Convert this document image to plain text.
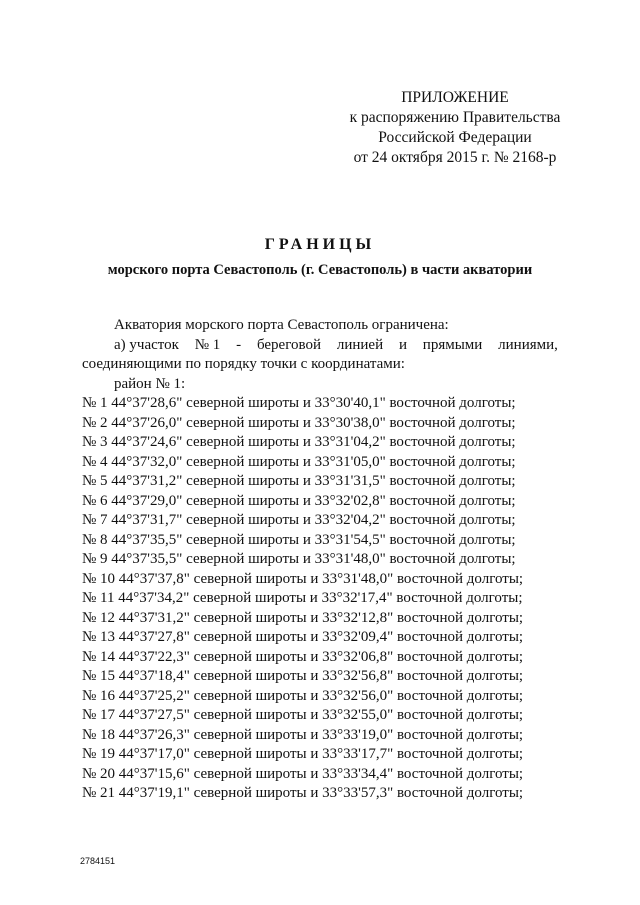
ПРИЛОЖЕНИЕ
к распоряжению Правительства
Российской Федерации
от 24 октября 2015 г. № 2168-р
ГРАНИЦЫ
морского порта Севастополь (г. Севастополь) в части акватории
Акватория морского порта Севастополь ограничена:
а) участок № 1 - береговой линией и прямыми линиями,
соединяющими по порядку точки с координатами:
район № 1:
№ 1 44°37'28,6" северной широты и 33°30'40,1" восточной долготы;
№ 2 44°37'26,0" северной широты и 33°30'38,0" восточной долготы;
№ 3 44°37'24,6" северной широты и 33°31'04,2" восточной долготы;
№ 4 44°37'32,0" северной широты и 33°31'05,0" восточной долготы;
№ 5 44°37'31,2" северной широты и 33°31'31,5" восточной долготы;
№ 6 44°37'29,0" северной широты и 33°32'02,8" восточной долготы;
№ 7 44°37'31,7" северной широты и 33°32'04,2" восточной долготы;
№ 8 44°37'35,5" северной широты и 33°31'54,5" восточной долготы;
№ 9 44°37'35,5" северной широты и 33°31'48,0" восточной долготы;
№ 10 44°37'37,8" северной широты и 33°31'48,0" восточной долготы;
№ 11 44°37'34,2" северной широты и 33°32'17,4" восточной долготы;
№ 12 44°37'31,2" северной широты и 33°32'12,8" восточной долготы;
№ 13 44°37'27,8" северной широты и 33°32'09,4" восточной долготы;
№ 14 44°37'22,3" северной широты и 33°32'06,8" восточной долготы;
№ 15 44°37'18,4" северной широты и 33°32'56,8" восточной долготы;
№ 16 44°37'25,2" северной широты и 33°32'56,0" восточной долготы;
№ 17 44°37'27,5" северной широты и 33°32'55,0" восточной долготы;
№ 18 44°37'26,3" северной широты и 33°33'19,0" восточной долготы;
№ 19 44°37'17,0" северной широты и 33°33'17,7" восточной долготы;
№ 20 44°37'15,6" северной широты и 33°33'34,4" восточной долготы;
№ 21 44°37'19,1" северной широты и 33°33'57,3" восточной долготы;
2784151
